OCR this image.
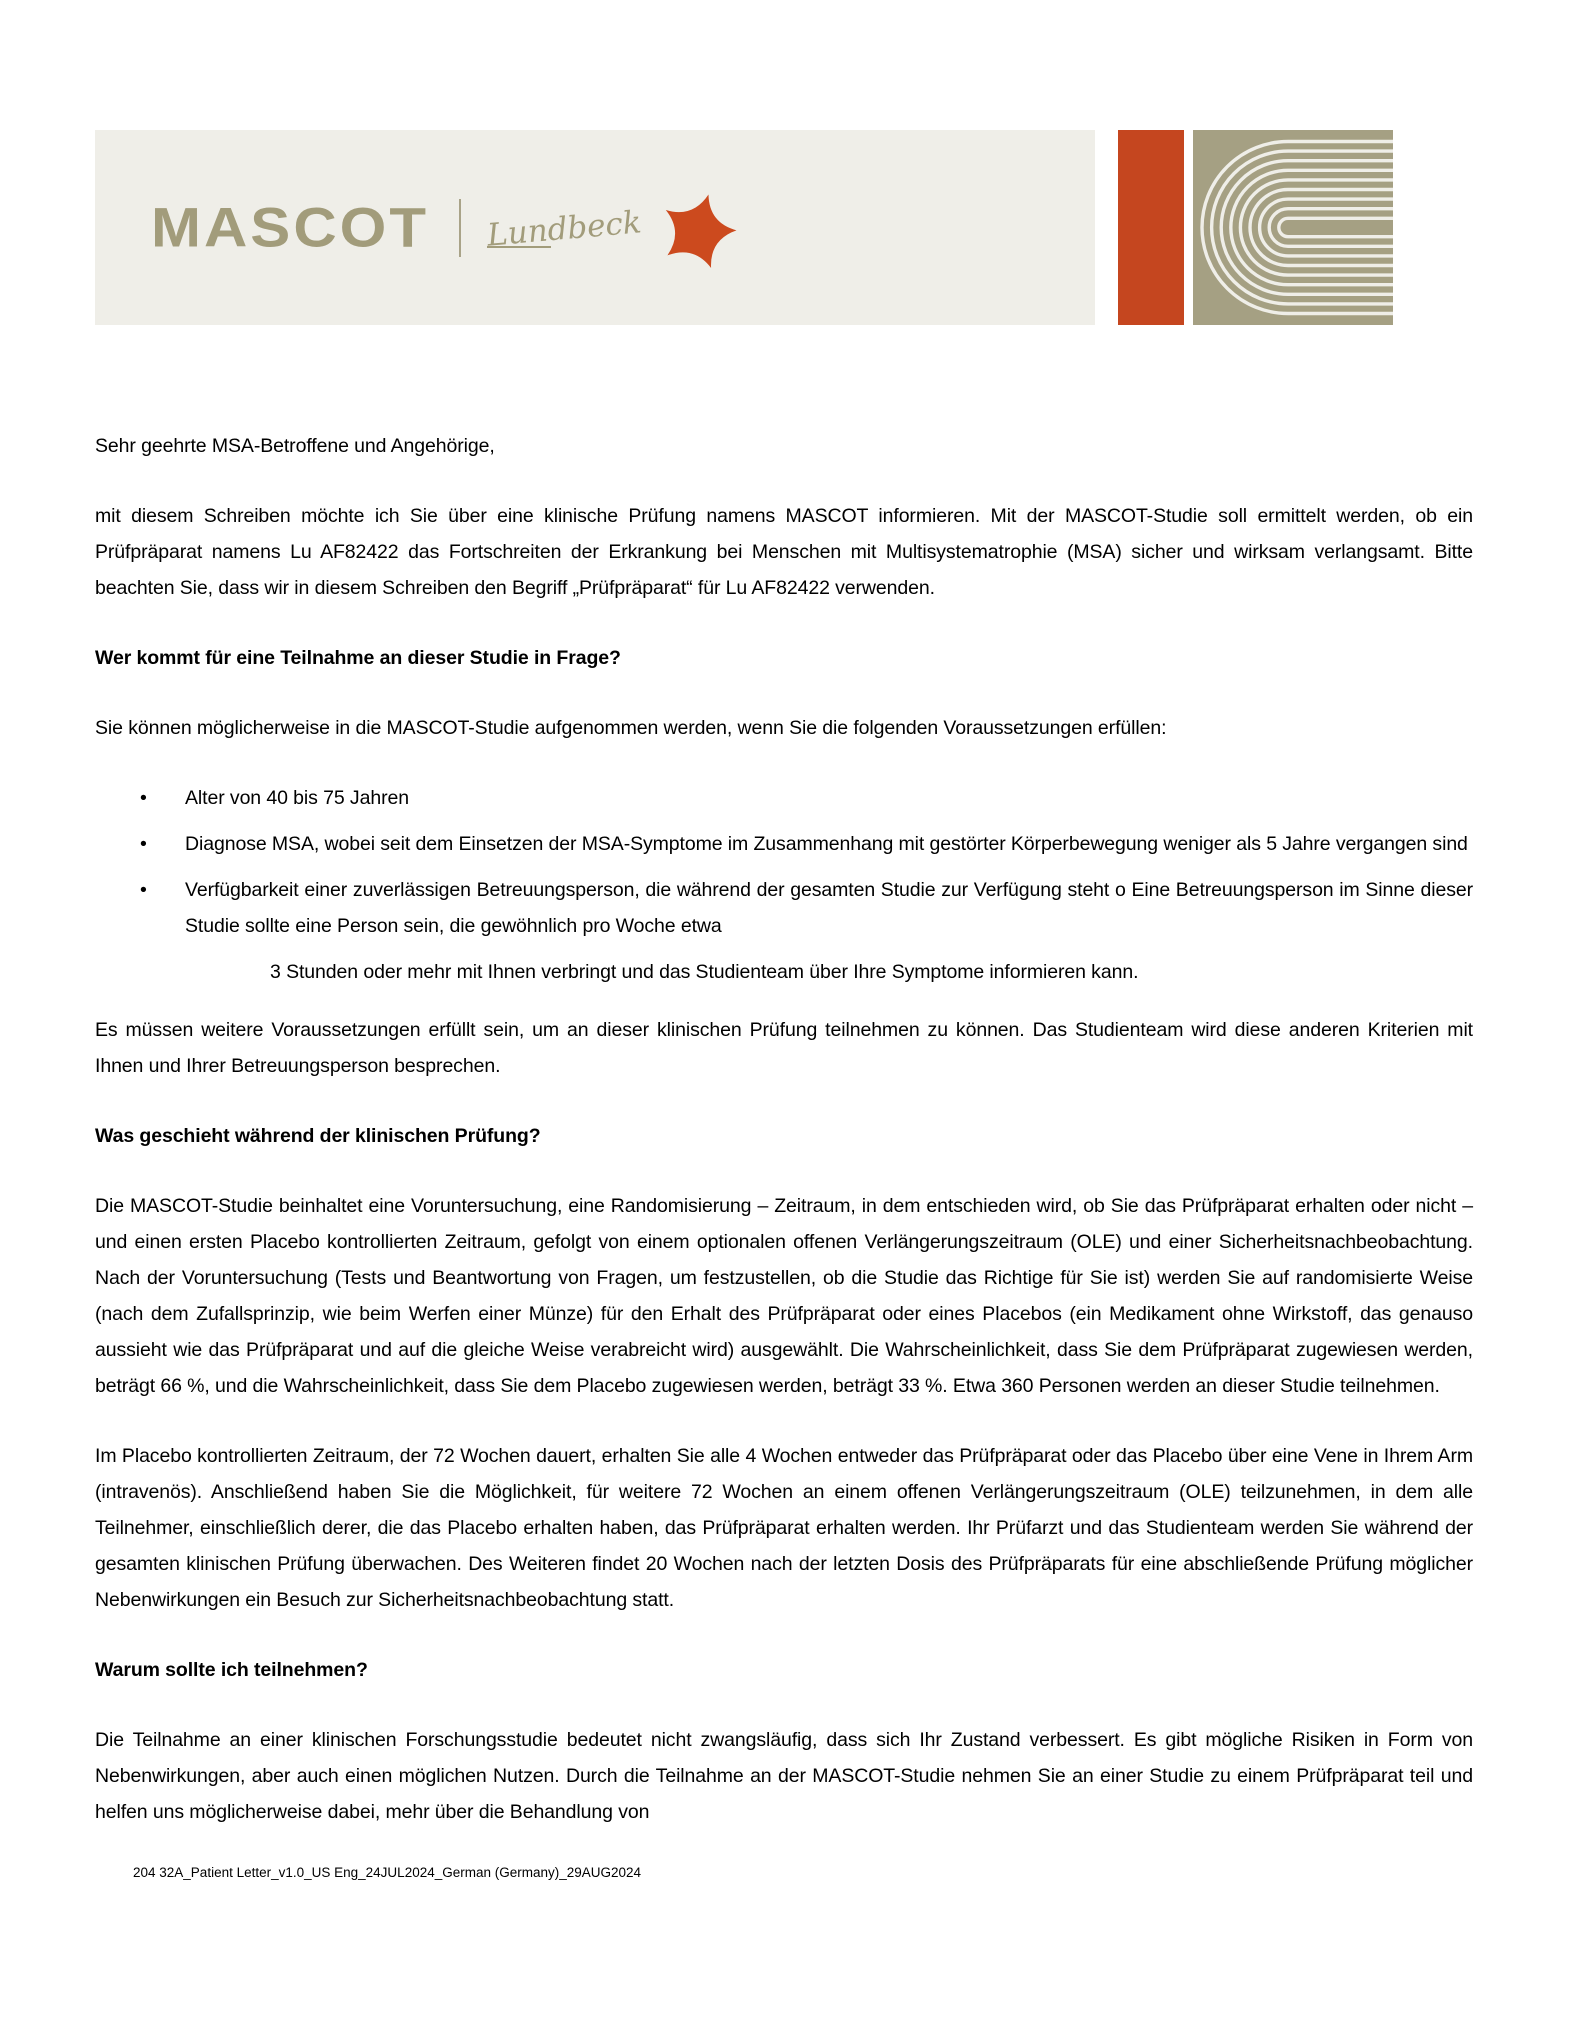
MASCOT Lundbeck

Sehr geehrte MSA-Betroffene und Angehörige,

mit diesem Schreiben möchte ich Sie über eine klinische Prüfung namens MASCOT informieren. Mit der MASCOT-Studie soll ermittelt werden, ob ein Prüfpräparat namens Lu AF82422 das Fortschreiten der Erkrankung bei Menschen mit Multisystematrophie (MSA) sicher und wirksam verlangsamt. Bitte beachten Sie, dass wir in diesem Schreiben den Begriff „Prüfpräparat“ für Lu AF82422 verwenden.

Wer kommt für eine Teilnahme an dieser Studie in Frage?

Sie können möglicherweise in die MASCOT-Studie aufgenommen werden, wenn Sie die folgenden Voraussetzungen erfüllen:

• Alter von 40 bis 75 Jahren
• Diagnose MSA, wobei seit dem Einsetzen der MSA-Symptome im Zusammenhang mit gestörter Körperbewegung weniger als 5 Jahre vergangen sind
• Verfügbarkeit einer zuverlässigen Betreuungsperson, die während der gesamten Studie zur Verfügung steht o Eine Betreuungsperson im Sinne dieser Studie sollte eine Person sein, die gewöhnlich pro Woche etwa
3 Stunden oder mehr mit Ihnen verbringt und das Studienteam über Ihre Symptome informieren kann.

Es müssen weitere Voraussetzungen erfüllt sein, um an dieser klinischen Prüfung teilnehmen zu können. Das Studienteam wird diese anderen Kriterien mit Ihnen und Ihrer Betreuungsperson besprechen.

Was geschieht während der klinischen Prüfung?

Die MASCOT-Studie beinhaltet eine Voruntersuchung, eine Randomisierung – Zeitraum, in dem entschieden wird, ob Sie das Prüfpräparat erhalten oder nicht – und einen ersten Placebo kontrollierten Zeitraum, gefolgt von einem optionalen offenen Verlängerungszeitraum (OLE) und einer Sicherheitsnachbeobachtung. Nach der Voruntersuchung (Tests und Beantwortung von Fragen, um festzustellen, ob die Studie das Richtige für Sie ist) werden Sie auf randomisierte Weise (nach dem Zufallsprinzip, wie beim Werfen einer Münze) für den Erhalt des Prüfpräparat oder eines Placebos (ein Medikament ohne Wirkstoff, das genauso aussieht wie das Prüfpräparat und auf die gleiche Weise verabreicht wird) ausgewählt. Die Wahrscheinlichkeit, dass Sie dem Prüfpräparat zugewiesen werden, beträgt 66 %, und die Wahrscheinlichkeit, dass Sie dem Placebo zugewiesen werden, beträgt 33 %. Etwa 360 Personen werden an dieser Studie teilnehmen.

Im Placebo kontrollierten Zeitraum, der 72 Wochen dauert, erhalten Sie alle 4 Wochen entweder das Prüfpräparat oder das Placebo über eine Vene in Ihrem Arm (intravenös). Anschließend haben Sie die Möglichkeit, für weitere 72 Wochen an einem offenen Verlängerungszeitraum (OLE) teilzunehmen, in dem alle Teilnehmer, einschließlich derer, die das Placebo erhalten haben, das Prüfpräparat erhalten werden. Ihr Prüfarzt und das Studienteam werden Sie während der gesamten klinischen Prüfung überwachen. Des Weiteren findet 20 Wochen nach der letzten Dosis des Prüfpräparats für eine abschließende Prüfung möglicher Nebenwirkungen ein Besuch zur Sicherheitsnachbeobachtung statt.

Warum sollte ich teilnehmen?

Die Teilnahme an einer klinischen Forschungsstudie bedeutet nicht zwangsläufig, dass sich Ihr Zustand verbessert. Es gibt mögliche Risiken in Form von Nebenwirkungen, aber auch einen möglichen Nutzen. Durch die Teilnahme an der MASCOT-Studie nehmen Sie an einer Studie zu einem Prüfpräparat teil und helfen uns möglicherweise dabei, mehr über die Behandlung von

204 32A_Patient Letter_v1.0_US Eng_24JUL2024_German (Germany)_29AUG2024
